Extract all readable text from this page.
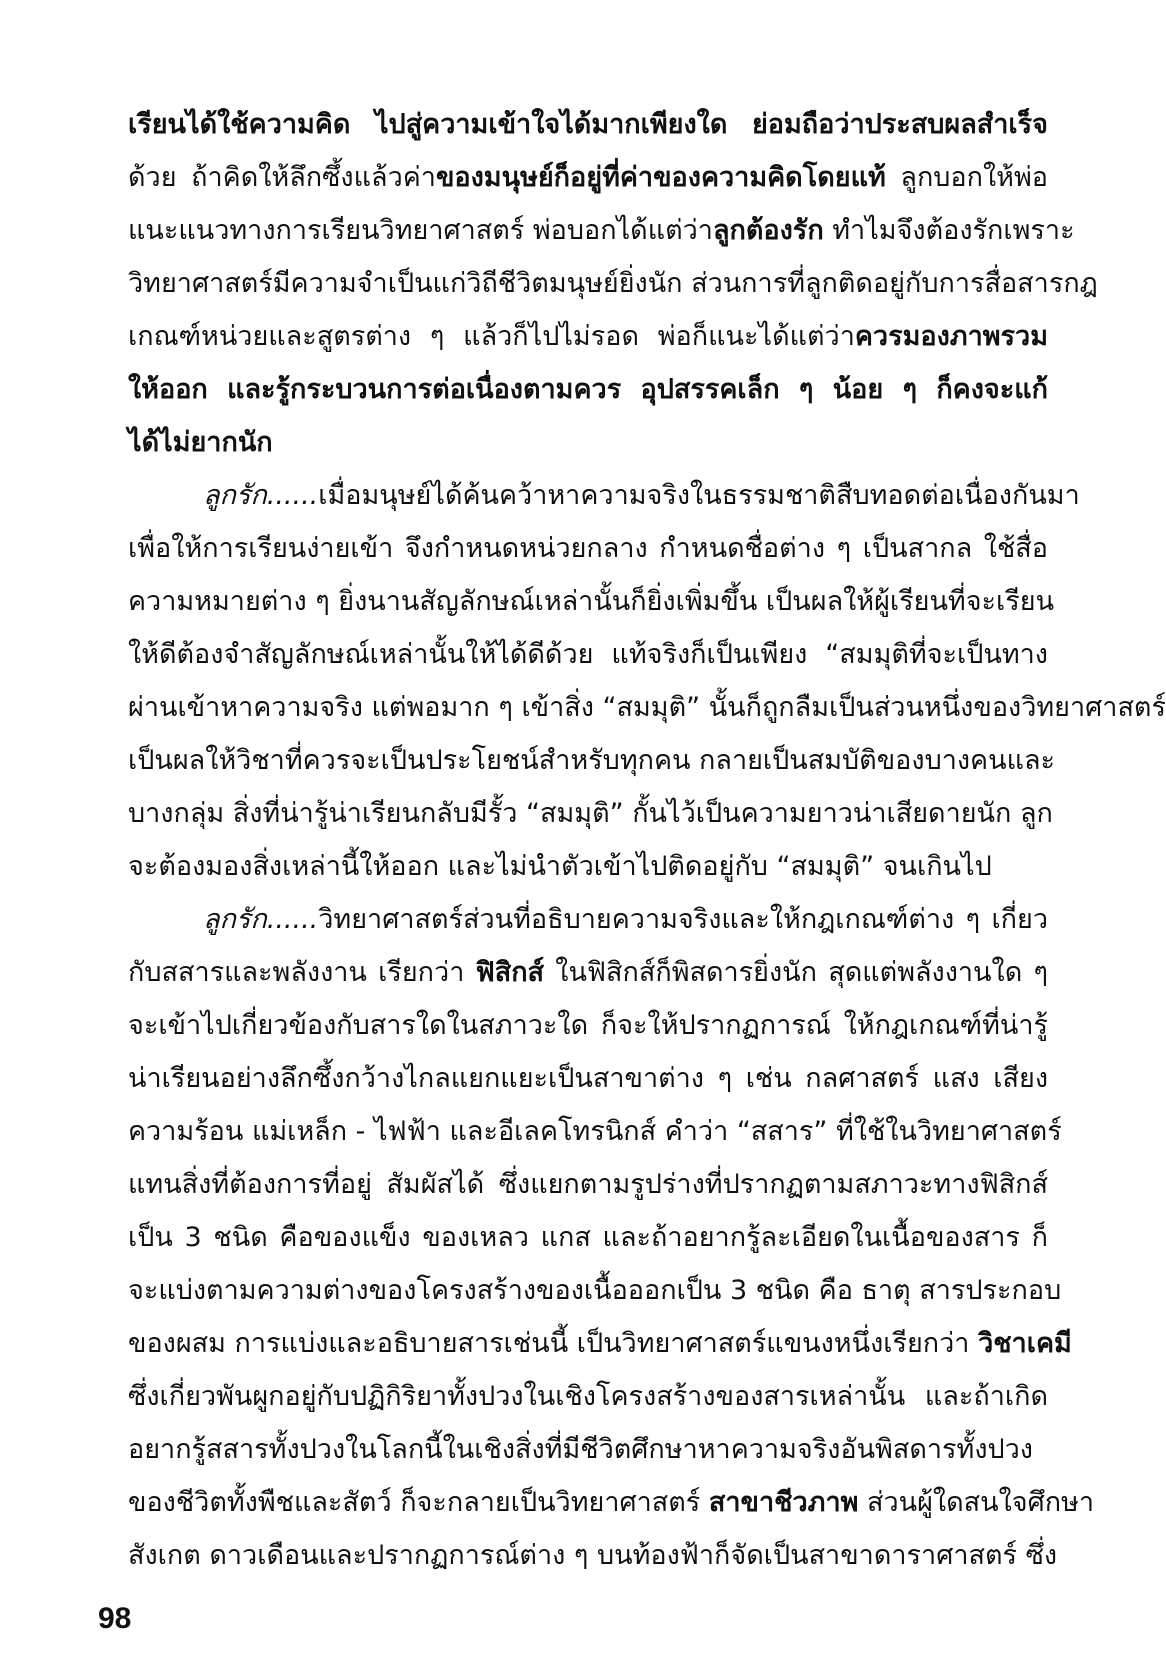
เรียนได้ใช้ความคิด ไปสู่ความเข้าใจได้มากเพียงใด ย่อมถือว่าประสบผลสำเร็จ
ด้วย ถ้าคิดให้ลึกซึ้งแล้วค่าของมนุษย์ก็อยู่ที่ค่าของความคิดโดยแท้ ลูกบอกให้พ่อ
แนะแนวทางการเรียนวิทยาศาสตร์ พ่อบอกได้แต่ว่าลูกต้องรัก ทำไมจึงต้องรักเพราะ
วิทยาศาสตร์มีความจำเป็นแก่วิถีชีวิตมนุษย์ยิ่งนัก ส่วนการที่ลูกติดอยู่กับการสื่อสารกฎ
เกณฑ์หน่วยและสูตรต่าง ๆ แล้วก็ไปไม่รอด พ่อก็แนะได้แต่ว่าควรมองภาพรวม
ให้ออก และรู้กระบวนการต่อเนื่องตามควร อุปสรรคเล็ก ๆ น้อย ๆ ก็คงจะแก้
ได้ไม่ยากนัก
ลูกรัก......เมื่อมนุษย์ได้ค้นคว้าหาความจริงในธรรมชาติสืบทอดต่อเนื่องกันมา
เพื่อให้การเรียนง่ายเข้า จึงกำหนดหน่วยกลาง กำหนดชื่อต่าง ๆ เป็นสากล ใช้สื่อ
ความหมายต่าง ๆ ยิ่งนานสัญลักษณ์เหล่านั้นก็ยิ่งเพิ่มขึ้น เป็นผลให้ผู้เรียนที่จะเรียน
ให้ดีต้องจำสัญลักษณ์เหล่านั้นให้ได้ดีด้วย แท้จริงก็เป็นเพียง “สมมุติที่จะเป็นทาง
ผ่านเข้าหาความจริง แต่พอมาก ๆ เข้าสิ่ง “สมมุติ” นั้นก็ถูกลืมเป็นส่วนหนึ่งของวิทยาศาสตร์
เป็นผลให้วิชาที่ควรจะเป็นประโยชน์สำหรับทุกคน กลายเป็นสมบัติของบางคนและ
บางกลุ่ม สิ่งที่น่ารู้น่าเรียนกลับมีรั้ว “สมมุติ” กั้นไว้เป็นความยาวน่าเสียดายนัก ลูก
จะต้องมองสิ่งเหล่านี้ให้ออก และไม่นำตัวเข้าไปติดอยู่กับ “สมมุติ” จนเกินไป
ลูกรัก......วิทยาศาสตร์ส่วนที่อธิบายความจริงและให้กฎเกณฑ์ต่าง ๆ เกี่ยว
กับสสารและพลังงาน เรียกว่า ฟิสิกส์ ในฟิสิกส์ก็พิสดารยิ่งนัก สุดแต่พลังงานใด ๆ
จะเข้าไปเกี่ยวข้องกับสารใดในสภาวะใด ก็จะให้ปรากฏการณ์ ให้กฎเกณฑ์ที่น่ารู้
น่าเรียนอย่างลึกซึ้งกว้างไกลแยกแยะเป็นสาขาต่าง ๆ เช่น กลศาสตร์ แสง เสียง
ความร้อน แม่เหล็ก - ไฟฟ้า และอีเลคโทรนิกส์ คำว่า “สสาร” ที่ใช้ในวิทยาศาสตร์
แทนสิ่งที่ต้องการที่อยู่ สัมผัสได้ ซึ่งแยกตามรูปร่างที่ปรากฏตามสภาวะทางฟิสิกส์
เป็น 3 ชนิด คือของแข็ง ของเหลว แกส และถ้าอยากรู้ละเอียดในเนื้อของสาร ก็
จะแบ่งตามความต่างของโครงสร้างของเนื้อออกเป็น 3 ชนิด คือ ธาตุ สารประกอบ
ของผสม การแบ่งและอธิบายสารเช่นนี้ เป็นวิทยาศาสตร์แขนงหนึ่งเรียกว่า วิชาเคมี
ซึ่งเกี่ยวพันผูกอยู่กับปฏิกิริยาทั้งปวงในเชิงโครงสร้างของสารเหล่านั้น และถ้าเกิด
อยากรู้สสารทั้งปวงในโลกนี้ในเชิงสิ่งที่มีชีวิตศึกษาหาความจริงอันพิสดารทั้งปวง
ของชีวิตทั้งพืชและสัตว์ ก็จะกลายเป็นวิทยาศาสตร์ สาขาชีวภาพ ส่วนผู้ใดสนใจศึกษา
สังเกต ดาวเดือนและปรากฏการณ์ต่าง ๆ บนท้องฟ้าก็จัดเป็นสาขาดาราศาสตร์ ซึ่ง
98
